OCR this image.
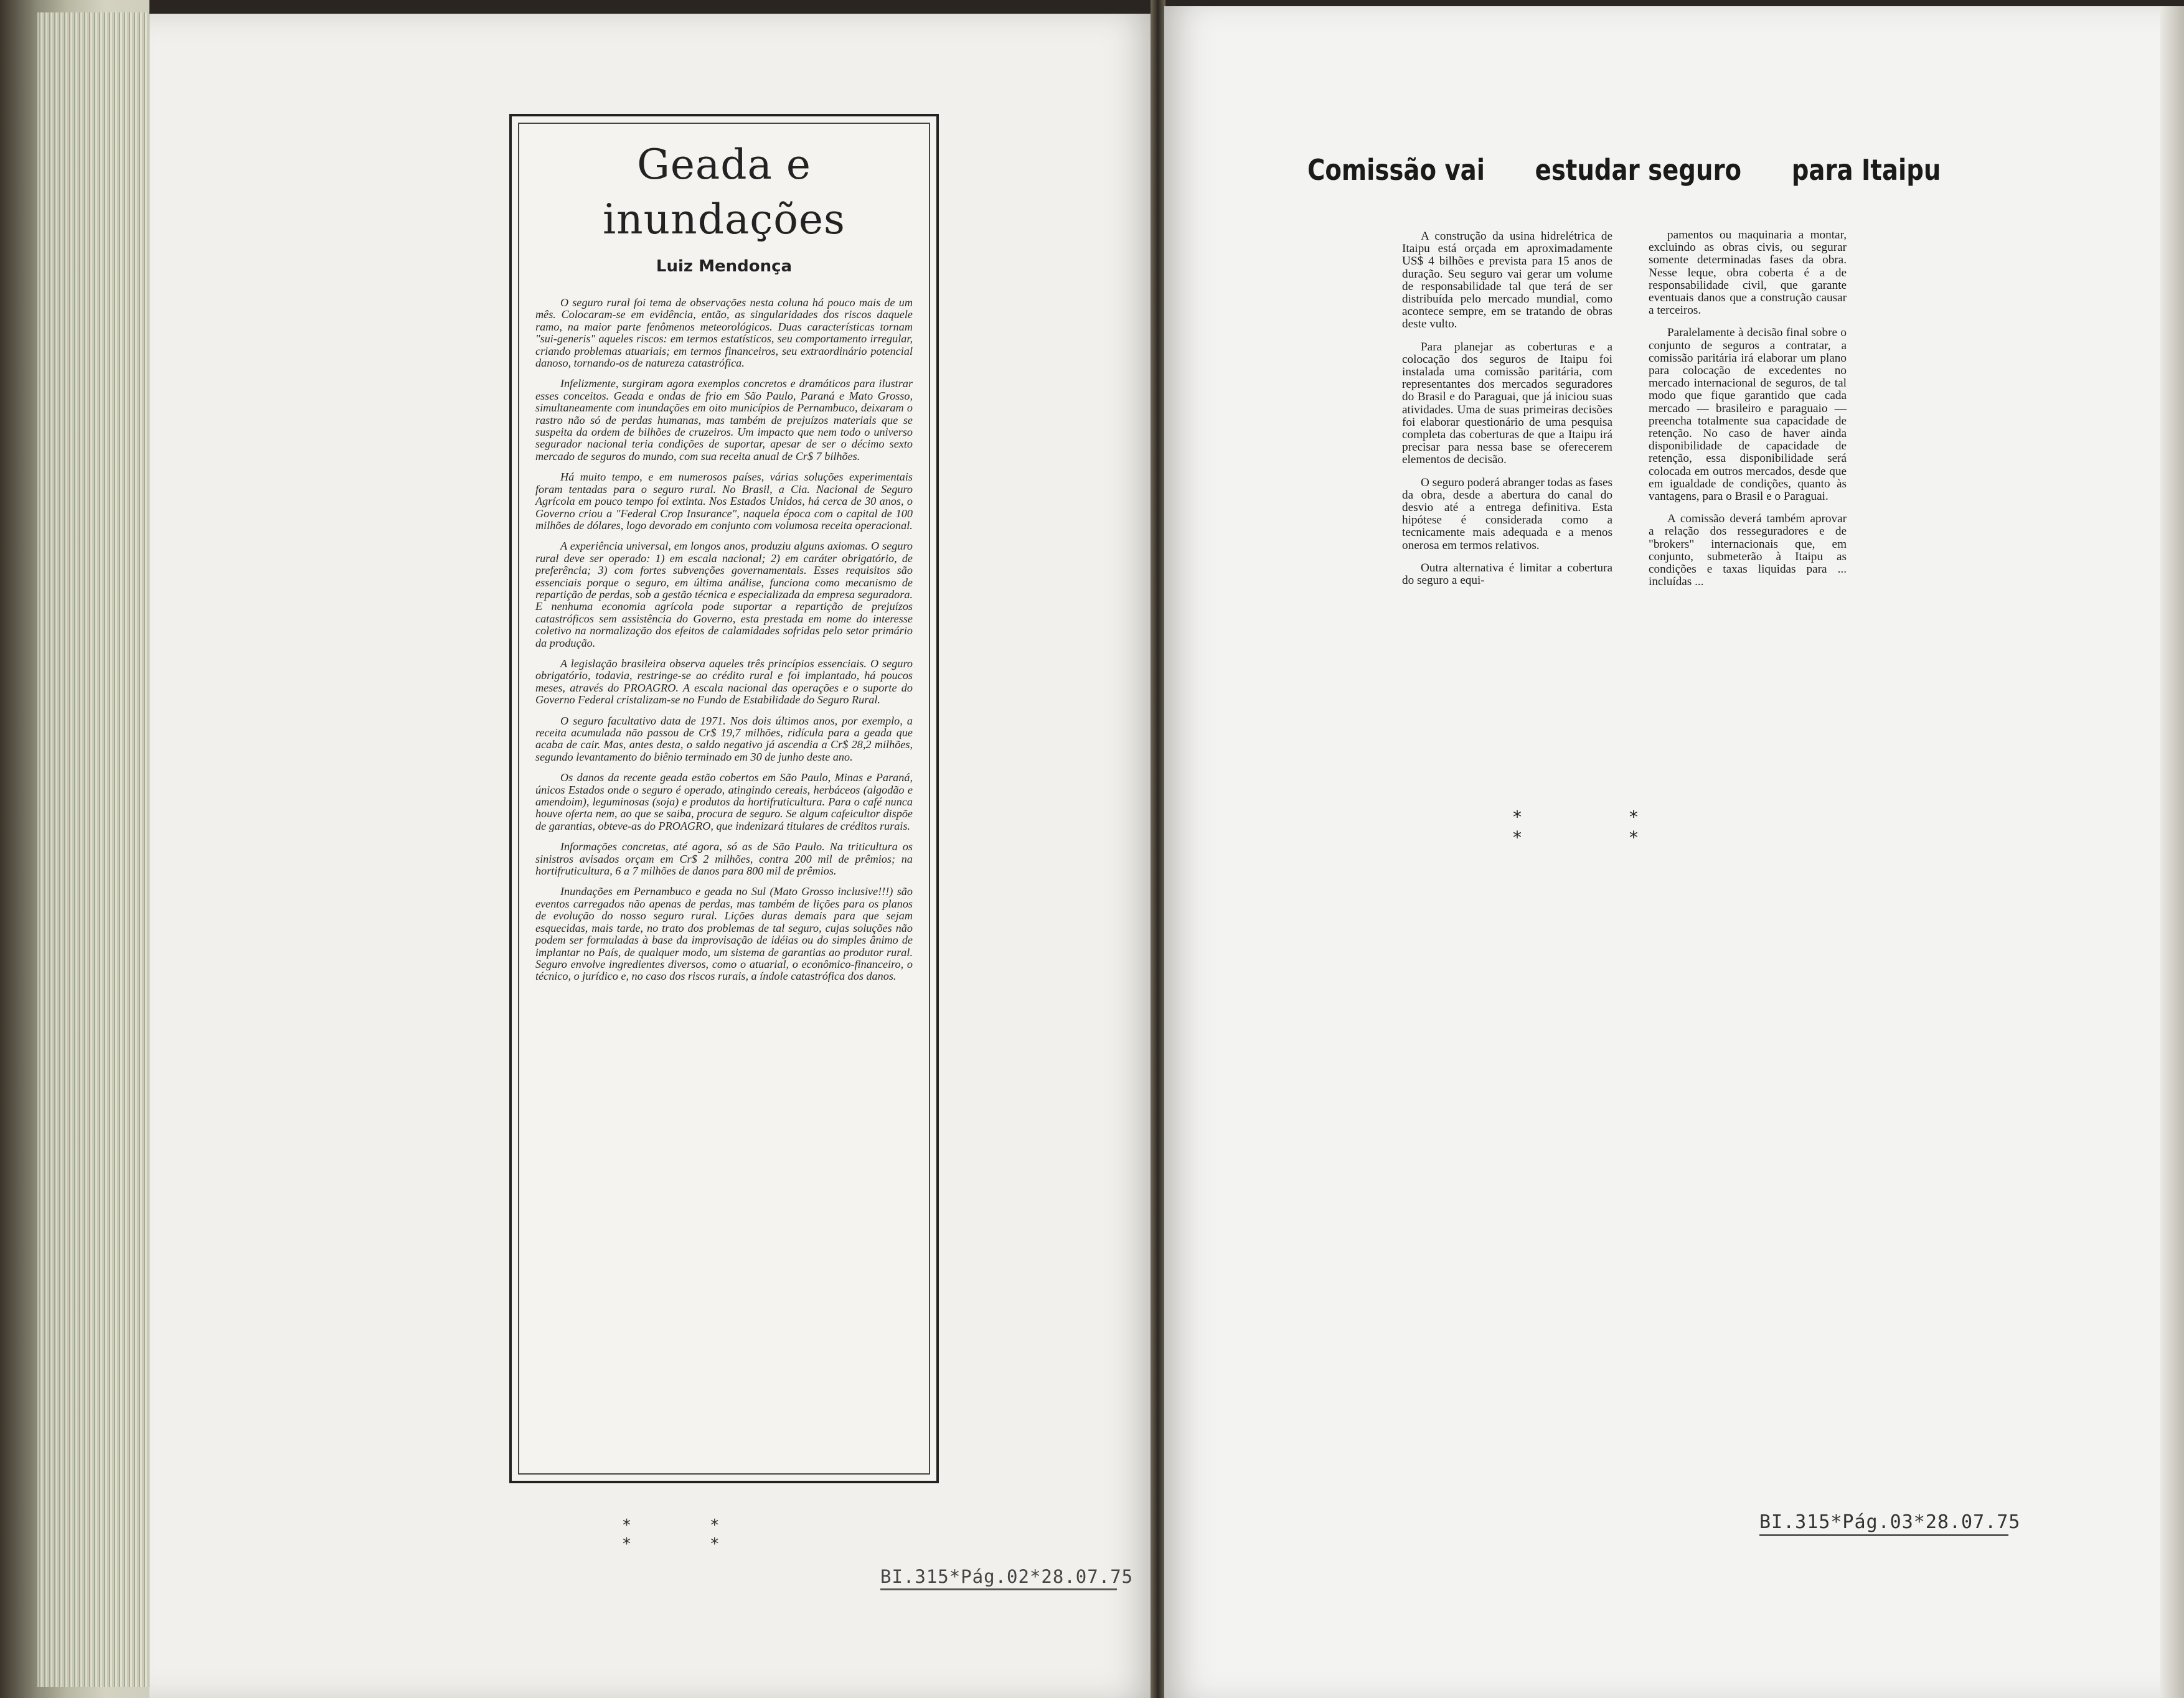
Geada e
inundações
Luiz Mendonça

O seguro rural foi tema de observações nesta coluna há pouco mais de um mês. Colocaram-se em evidência, então, as singularidades dos riscos daquele ramo, na maior parte fenômenos meteorológicos. Duas características tornam "sui-generis" aqueles riscos: em termos estatísticos, seu comportamento irregular, criando problemas atuariais; em termos financeiros, seu extraordinário potencial danoso, tornando-os de natureza catastrófica.

Infelizmente, surgiram agora exemplos concretos e dramáticos para ilustrar esses conceitos. Geada e ondas de frio em São Paulo, Paraná e Mato Grosso, simultaneamente com inundações em oito municípios de Pernambuco, deixaram o rastro não só de perdas humanas, mas também de prejuízos materiais que se suspeita da ordem de bilhões de cruzeiros. Um impacto que nem todo o universo segurador nacional teria condições de suportar, apesar de ser o décimo sexto mercado de seguros do mundo, com sua receita anual de Cr$ 7 bilhões.

Há muito tempo, e em numerosos países, várias soluções experimentais foram tentadas para o seguro rural. No Brasil, a Cia. Nacional de Seguro Agrícola em pouco tempo foi extinta. Nos Estados Unidos, há cerca de 30 anos, o Governo criou a "Federal Crop Insurance", naquela época com o capital de 100 milhões de dólares, logo devorado em conjunto com volumosa receita operacional.

A experiência universal, em longos anos, produziu alguns axiomas. O seguro rural deve ser operado: 1) em escala nacional; 2) em caráter obrigatório, de preferência; 3) com fortes subvenções governamentais. Esses requisitos são essenciais porque o seguro, em última análise, funciona como mecanismo de repartição de perdas, sob a gestão técnica e especializada da empresa seguradora. E nenhuma economia agrícola pode suportar a repartição de prejuízos catastróficos sem assistência do Governo, esta prestada em nome do interesse coletivo na normalização dos efeitos de calamidades sofridas pelo setor primário da produção.

A legislação brasileira observa aqueles três princípios essenciais. O seguro obrigatório, todavia, restringe-se ao crédito rural e foi implantado, há poucos meses, através do PROAGRO. A escala nacional das operações e o suporte do Governo Federal cristalizam-se no Fundo de Estabilidade do Seguro Rural.

O seguro facultativo data de 1971. Nos dois últimos anos, por exemplo, a receita acumulada não passou de Cr$ 19,7 milhões, ridícula para a geada que acaba de cair. Mas, antes desta, o saldo negativo já ascendia a Cr$ 28,2 milhões, segundo levantamento do biênio terminado em 30 de junho deste ano.

Os danos da recente geada estão cobertos em São Paulo, Minas e Paraná, únicos Estados onde o seguro é operado, atingindo cereais, herbáceos (algodão e amendoim), leguminosas (soja) e produtos da hortifruticultura. Para o café nunca houve oferta nem, ao que se saiba, procura de seguro. Se algum cafeicultor dispõe de garantias, obteve-as do PROAGRO, que indenizará titulares de créditos rurais.

Informações concretas, até agora, só as de São Paulo. Na triticultura os sinistros avisados orçam em Cr$ 2 milhões, contra 200 mil de prêmios; na hortifruticultura, 6 a 7 milhões de danos para 800 mil de prêmios.

Inundações em Pernambuco e geada no Sul (Mato Grosso inclusive!!!) são eventos carregados não apenas de perdas, mas também de lições para os planos de evolução do nosso seguro rural. Lições duras demais para que sejam esquecidas, mais tarde, no trato dos problemas de tal seguro, cujas soluções não podem ser formuladas à base da improvisação de idéias ou do simples ânimo de implantar no País, de qualquer modo, um sistema de garantias ao produtor rural. Seguro envolve ingredientes diversos, como o atuarial, o econômico-financeiro, o técnico, o jurídico e, no caso dos riscos rurais, a índole catastrófica dos danos.

* * * *
BI.315*Pág.02*28.07.75
Comissão vai estudar seguro para Itaipu

A construção da usina hidrelétrica de Itaipu está orçada em aproximadamente US$ 4 bilhões e prevista para 15 anos de duração. Seu seguro vai gerar um volume de responsabilidade tal que terá de ser distribuída pelo mercado mundial, como acontece sempre, em se tratando de obras deste vulto.

Para planejar as coberturas e a colocação dos seguros de Itaipu foi instalada uma comissão paritária, com representantes dos mercados seguradores do Brasil e do Paraguai, que já iniciou suas atividades. Uma de suas primeiras decisões foi elaborar questionário de uma pesquisa completa das coberturas de que a Itaipu irá precisar para nessa base se oferecerem elementos de decisão.

O seguro poderá abranger todas as fases da obra, desde a abertura do canal do desvio até a entrega definitiva. Esta hipótese é considerada como a tecnicamente mais adequada e a menos onerosa em termos relativos.

Outra alternativa é limitar a cobertura do seguro a equi-

pamentos ou maquinaria a montar, excluindo as obras civis, ou segurar somente determinadas fases da obra. Nesse leque, obra coberta é a de responsabilidade civil, que garante eventuais danos que a construção causar a terceiros.

Paralelamente à decisão final sobre o conjunto de seguros a contratar, a comissão paritária irá elaborar um plano para colocação de excedentes no mercado internacional de seguros, de tal modo que fique garantido que cada mercado — brasileiro e paraguaio — preencha totalmente sua capacidade de retenção. No caso de haver ainda disponibilidade de capacidade de retenção, essa disponibilidade será colocada em outros mercados, desde que em igualdade de condições, quanto às vantagens, para o Brasil e o Paraguai.

A comissão deverá também aprovar a relação dos resseguradores e de "brokers" internacionais que, em conjunto, submeterão à Itaipu as condições e taxas liquidas para ... incluídas ...

* * * *
BI.315*Pág.03*28.07.75
